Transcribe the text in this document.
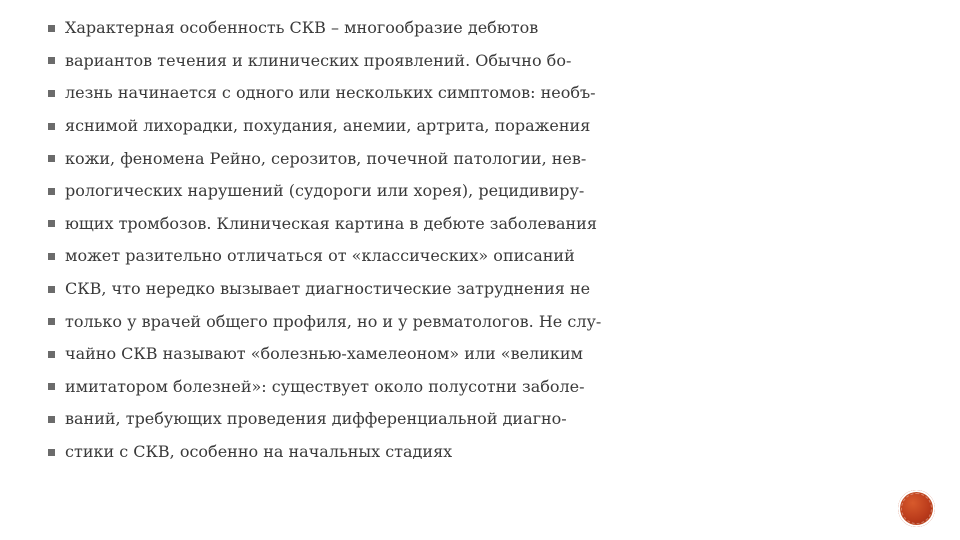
Характерная особенность СКВ – многообразие дебютов
вариантов течения и клинических проявлений. Обычно бо-
лезнь начинается с одного или нескольких симптомов: необъ-
яснимой лихорадки, похудания, анемии, артрита, поражения
кожи, феномена Рейно, серозитов, почечной патологии, нев-
рологических нарушений (судороги или хорея), рецидивиру-
ющих тромбозов. Клиническая картина в дебюте заболевания
может разительно отличаться от «классических» описаний
СКВ, что нередко вызывает диагностические затруднения не
только у врачей общего профиля, но и у ревматологов. Не слу-
чайно СКВ называют «болезнью-хамелеоном» или «великим
имитатором болезней»: существует около полусотни заболе-
ваний, требующих проведения дифференциальной диагно-
стики с СКВ, особенно на начальных стадиях
